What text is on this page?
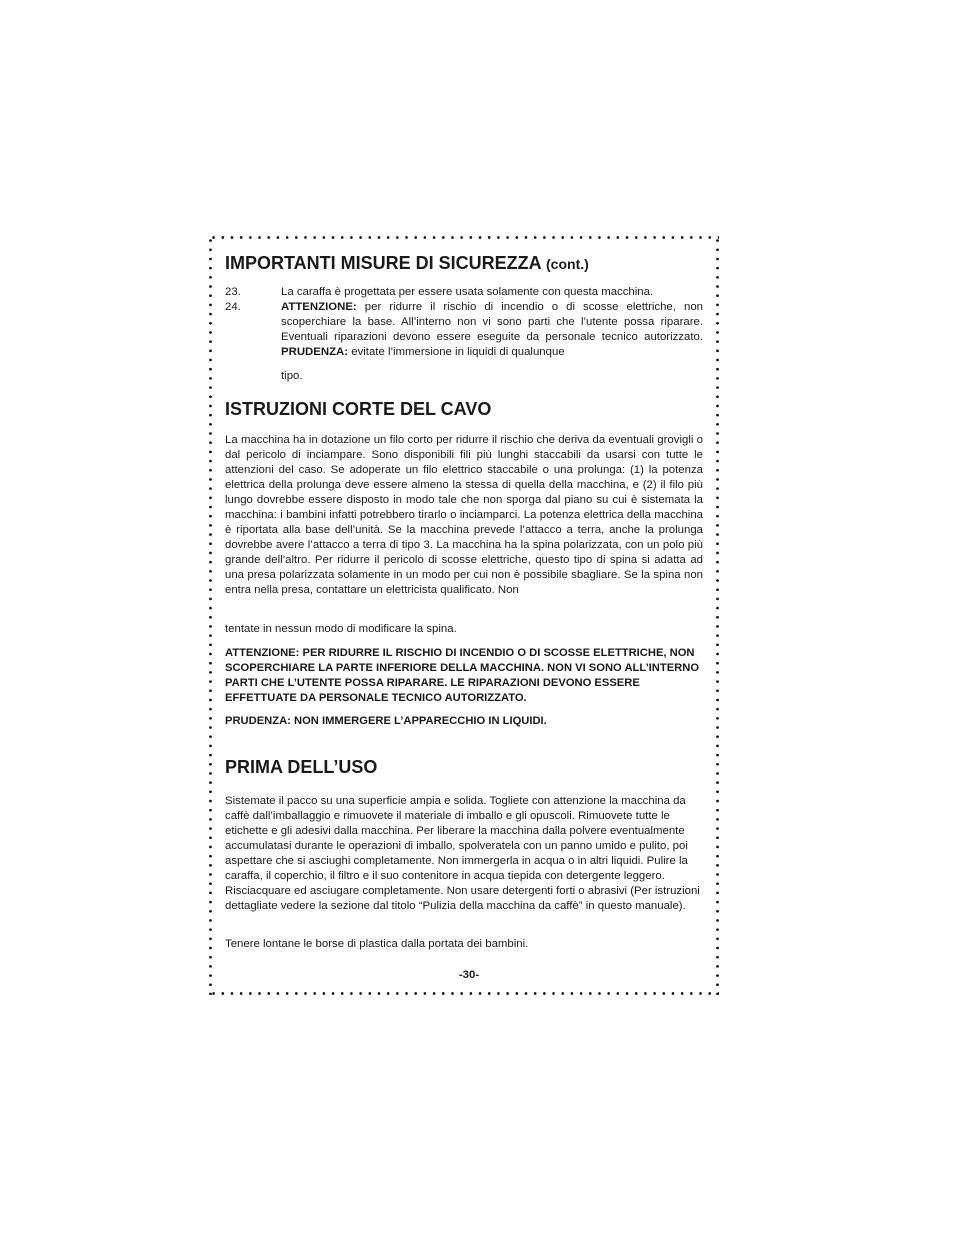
IMPORTANTI MISURE DI SICUREZZA (cont.)
23.	La caraffa è progettata per essere usata solamente con questa macchina.
24.	ATTENZIONE: per ridurre il rischio di incendio o di scosse elettriche, non scoperchiare la base. All’interno non vi sono parti che l’utente possa riparare. Eventuali riparazioni devono essere eseguite da personale tecnico autorizzato. PRUDENZA: evitate l’immersione in liquidi di qualunque

tipo.

ISTRUZIONI CORTE DEL CAVO

La macchina ha in dotazione un filo corto per ridurre il rischio che deriva da eventuali grovigli o dal pericolo di inciampare. Sono disponibili fili più lunghi staccabili da usarsi con tutte le attenzioni del caso. Se adoperate un filo elettrico staccabile o una prolunga: (1) la potenza elettrica della prolunga deve essere almeno la stessa di quella della macchina, e (2) il filo più lungo dovrebbe essere disposto in modo tale che non sporga dal piano su cui è sistemata la macchina: i bambini infatti potrebbero tirarlo o inciamparci. La potenza elettrica della macchina è riportata alla base dell’unità. Se la macchina prevede l’attacco a terra, anche la prolunga dovrebbe avere l’attacco a terra di tipo 3. La macchina ha la spina polarizzata, con un polo più grande dell’altro. Per ridurre il pericolo di scosse elettriche, questo tipo di spina si adatta ad una presa polarizzata solamente in un modo per cui non è possibile sbagliare. Se la spina non entra nella presa, contattare un elettricista qualificato. Non

tentate in nessun modo di modificare la spina.

ATTENZIONE: PER RIDURRE IL RISCHIO DI INCENDIO O DI SCOSSE ELETTRICHE, NON SCOPERCHIARE LA PARTE INFERIORE DELLA MACCHINA. NON VI SONO ALL’INTERNO PARTI CHE L’UTENTE POSSA RIPARARE. LE RIPARAZIONI DEVONO ESSERE EFFETTUATE DA PERSONALE TECNICO AUTORIZZATO.

PRUDENZA: NON IMMERGERE L’APPARECCHIO IN LIQUIDI.

PRIMA DELL’USO

Sistemate il pacco su una superficie ampia e solida. Togliete con attenzione la macchina da caffè dall’imballaggio e rimuovete il materiale di imballo e gli opuscoli. Rimuovete tutte le etichette e gli adesivi dalla macchina. Per liberare la macchina dalla polvere eventualmente accumulatasi durante le operazioni di imballo, spolveratela con un panno umido e pulito, poi aspettare che si asciughi completamente. Non immergerla in acqua o in altri liquidi. Pulire la caraffa, il coperchio, il filtro e il suo contenitore in acqua tiepida con detergente leggero. Risciacquare ed asciugare completamente. Non usare detergenti forti o abrasivi (Per istruzioni dettagliate vedere la sezione dal titolo “Pulizia della macchina da caffè” in questo manuale).

Tenere lontane le borse di plastica dalla portata dei bambini.

-30-
